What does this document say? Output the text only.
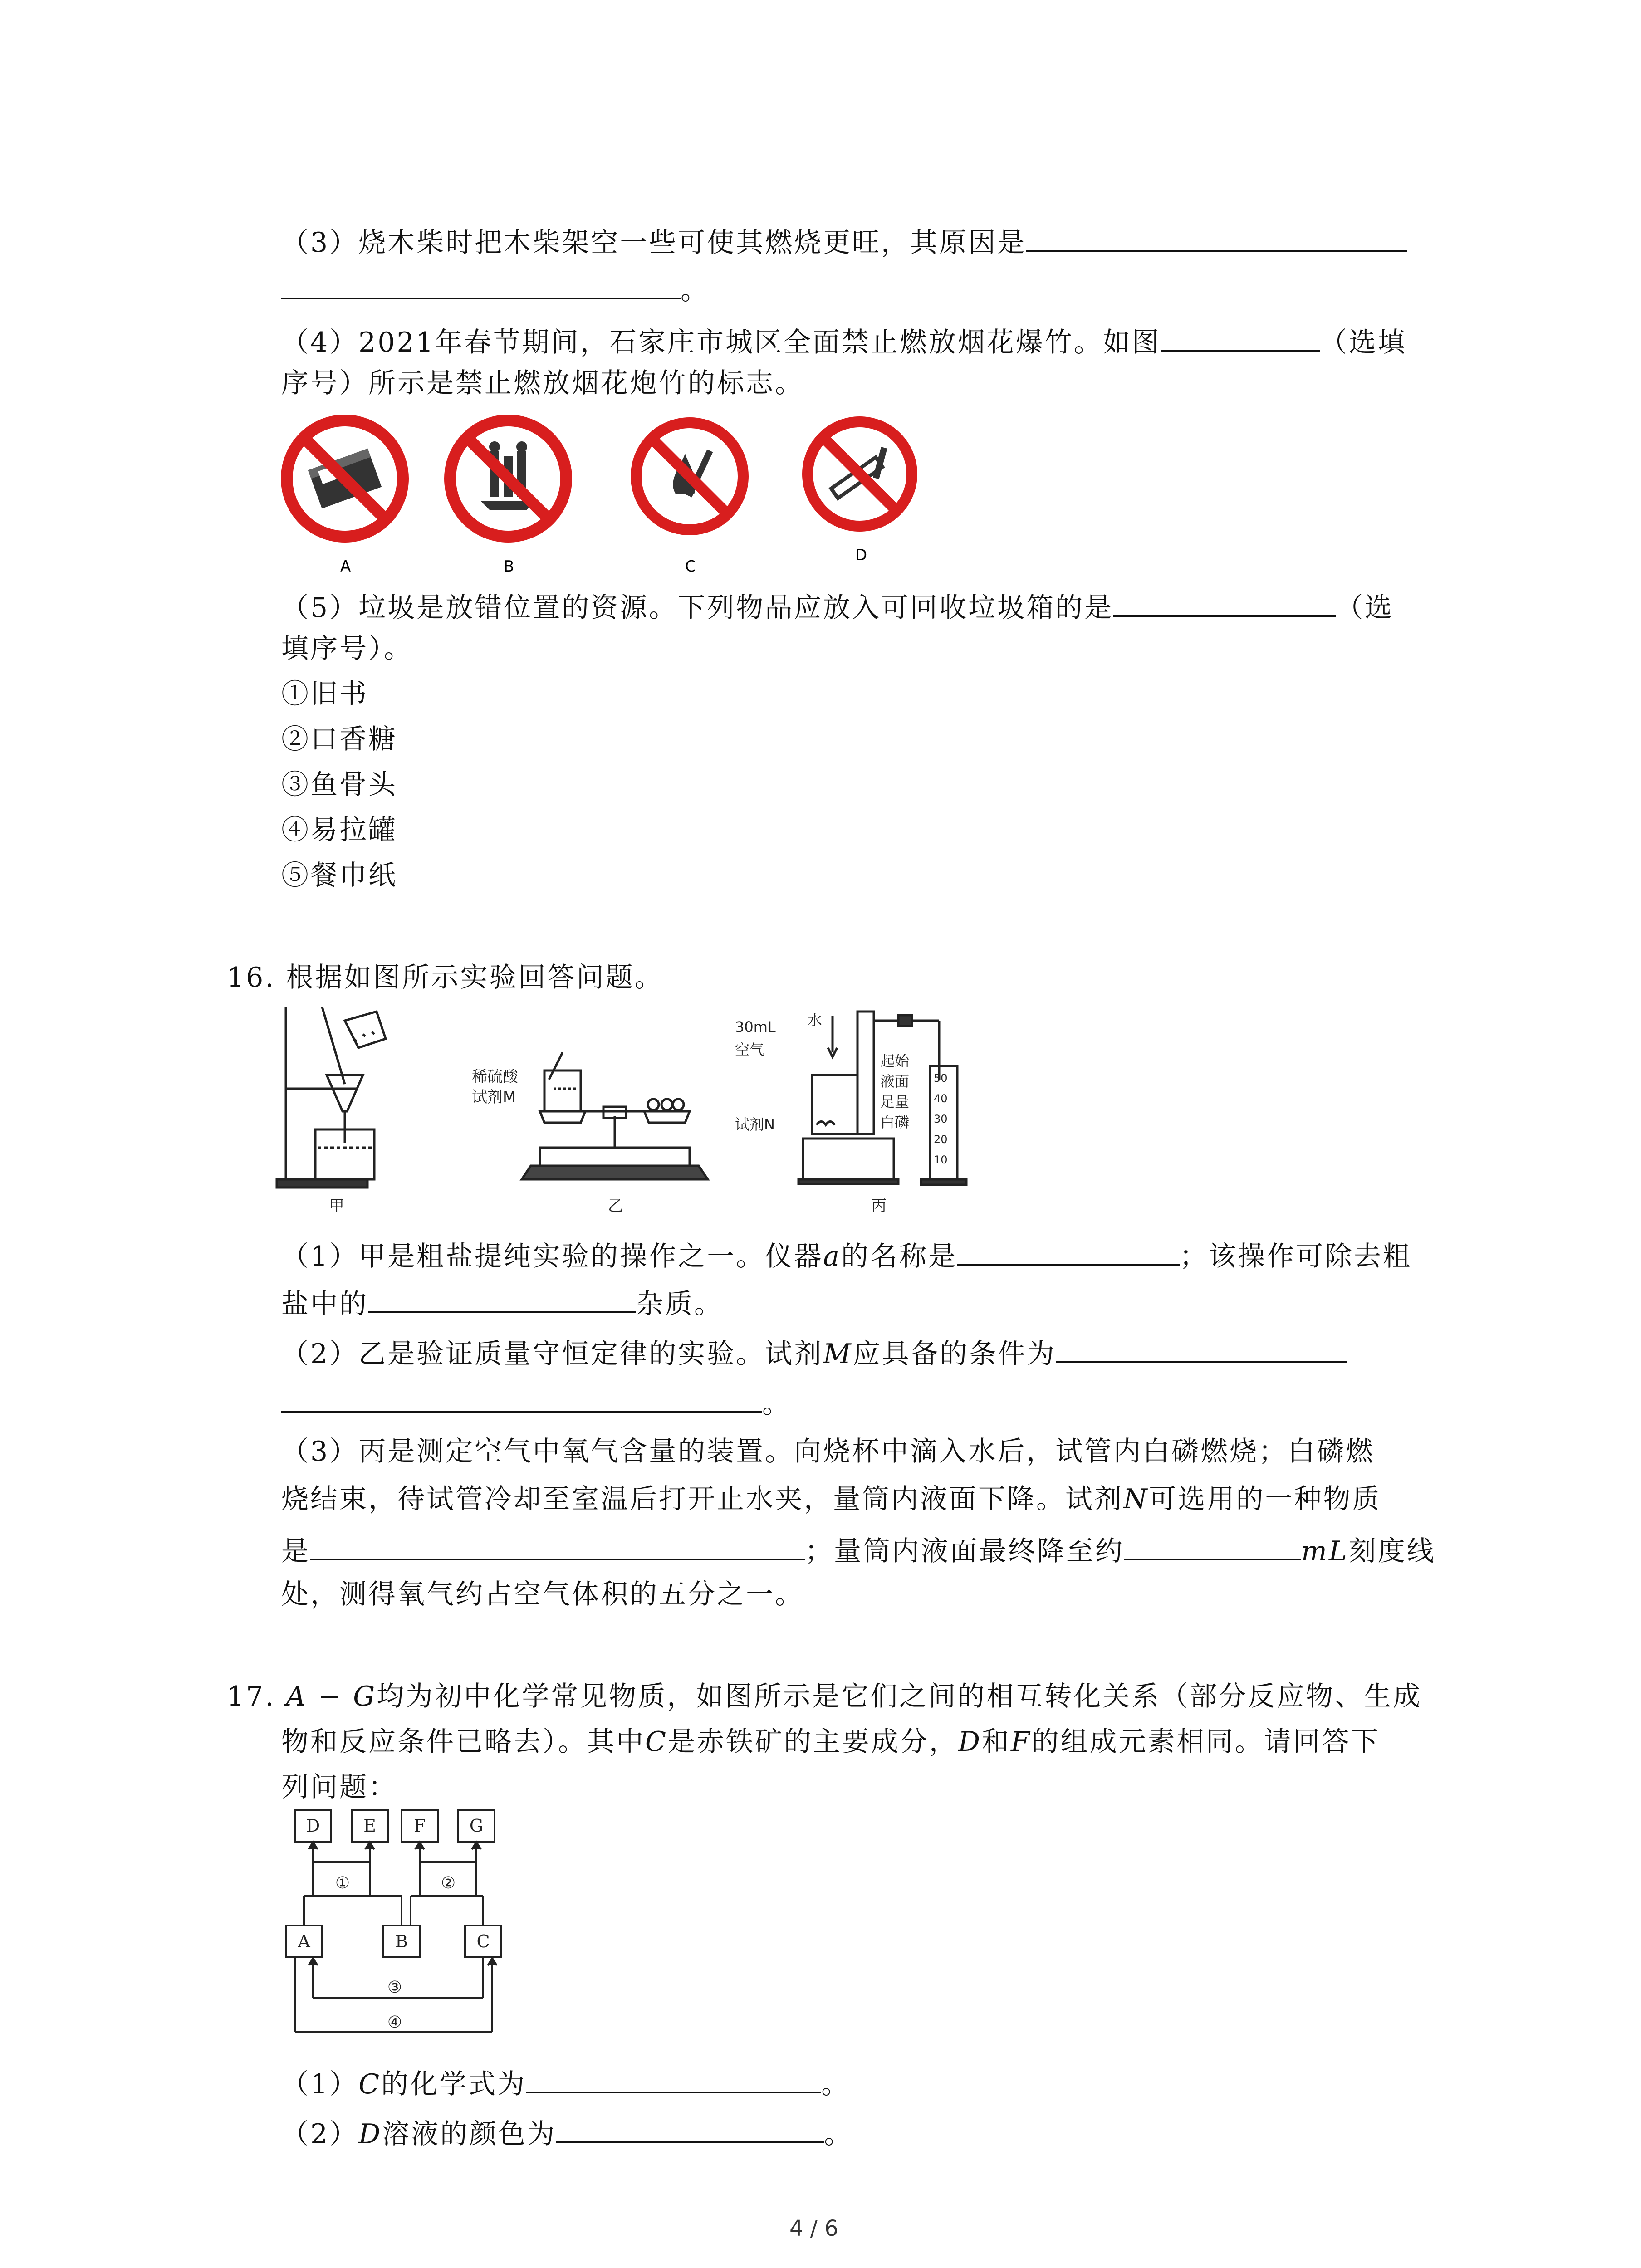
（3）烧木柴时把木柴架空一些可使其燃烧更旺，其原因是
。
（4）2021年春节期间，石家庄市城区全面禁止燃放烟花爆竹。如图	（选填
序号）所示是禁止燃放烟花炮竹的标志。
A	B	C
D
（5）垃圾是放错位置的资源。下列物品应放入可回收垃圾箱的是	（选
填序号）。
①旧书
②口香糖
③鱼骨头
④易拉罐
⑤餐巾纸
16. 根据如图所示实验回答问题。
甲
稀硫酸
试剂M
乙
30mL 水
空气
试剂N
起始
液面
足量
白磷
50
40
30
20
10
丙
（1）甲是粗盐提纯实验的操作之一。仪器a的名称是	；该操作可除去粗
盐中的	杂质。
（2）乙是验证质量守恒定律的实验。试剂M应具备的条件为
。
（3）丙是测定空气中氧气含量的装置。向烧杯中滴入水后，试管内白磷燃烧；白磷燃
烧结束，待试管冷却至室温后打开止水夹，量筒内液面下降。试剂N可选用的一种物质
是	；量筒内液面最终降至约	mL刻度线
处，测得氧气约占空气体积的五分之一。
17. A − G均为初中化学常见物质，如图所示是它们之间的相互转化关系（部分反应物、生成
物和反应条件已略去）。其中C是赤铁矿的主要成分，D和F的组成元素相同。请回答下
列问题：
D	E F	G
A	B	C
①	②
③
④
（1）C的化学式为	。
（2）D溶液的颜色为	。
4 / 6
